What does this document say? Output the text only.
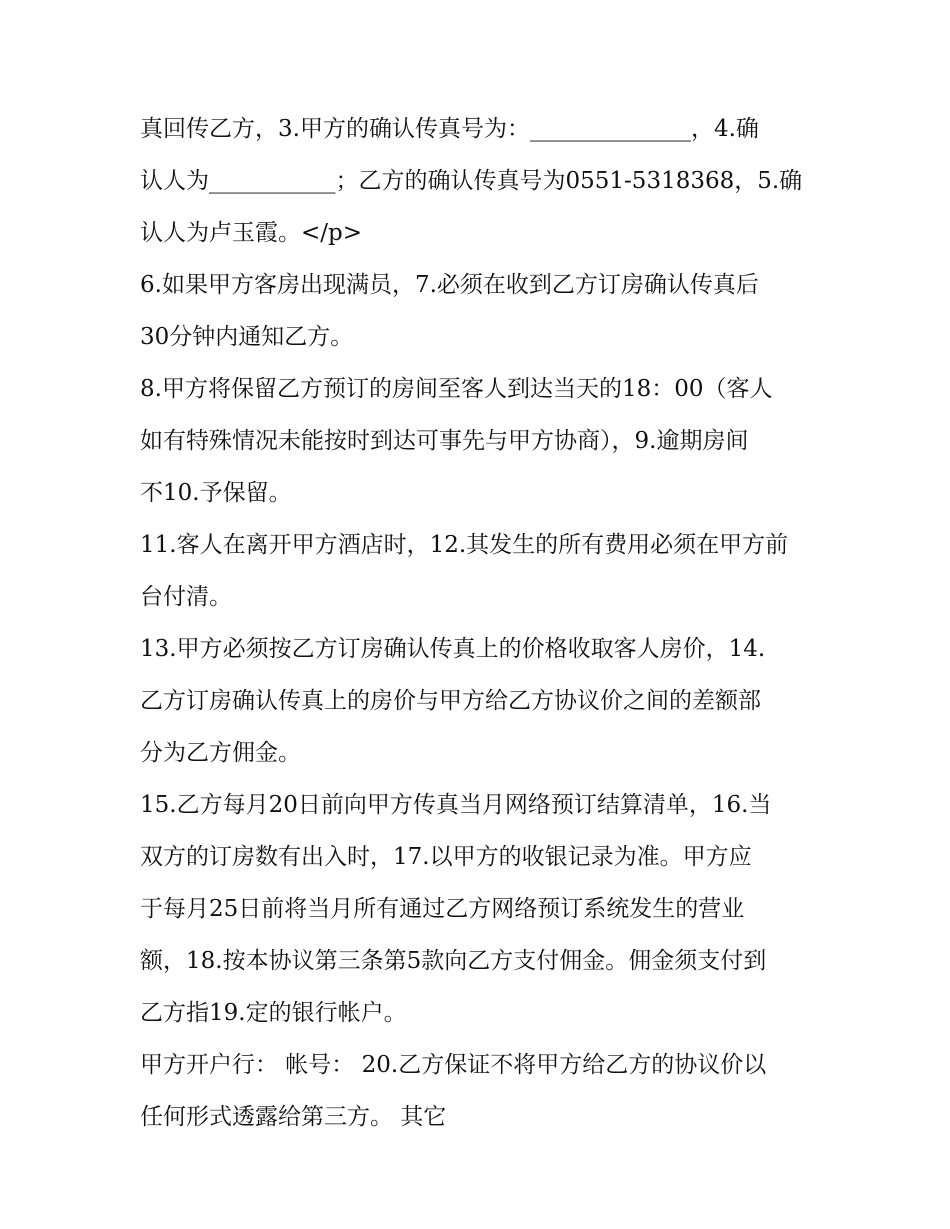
真回传乙方，3.甲方的确认传真号为：______________，4.确
认人为___________；乙方的确认传真号为0551-5318368，5.确
认人为卢玉霞。</p>
6.如果甲方客房出现满员，7.必须在收到乙方订房确认传真后
30分钟内通知乙方。
8.甲方将保留乙方预订的房间至客人到达当天的18：00（客人
如有特殊情况未能按时到达可事先与甲方协商），9.逾期房间
不10.予保留。
11.客人在离开甲方酒店时，12.其发生的所有费用必须在甲方前
台付清。
13.甲方必须按乙方订房确认传真上的价格收取客人房价，14.
乙方订房确认传真上的房价与甲方给乙方协议价之间的差额部
分为乙方佣金。
15.乙方每月20日前向甲方传真当月网络预订结算清单，16.当
双方的订房数有出入时，17.以甲方的收银记录为准。甲方应
于每月25日前将当月所有通过乙方网络预订系统发生的营业
额，18.按本协议第三条第5款向乙方支付佣金。佣金须支付到
乙方指19.定的银行帐户。
甲方开户行： 帐号： 20.乙方保证不将甲方给乙方的协议价以
任何形式透露给第三方。 其它
